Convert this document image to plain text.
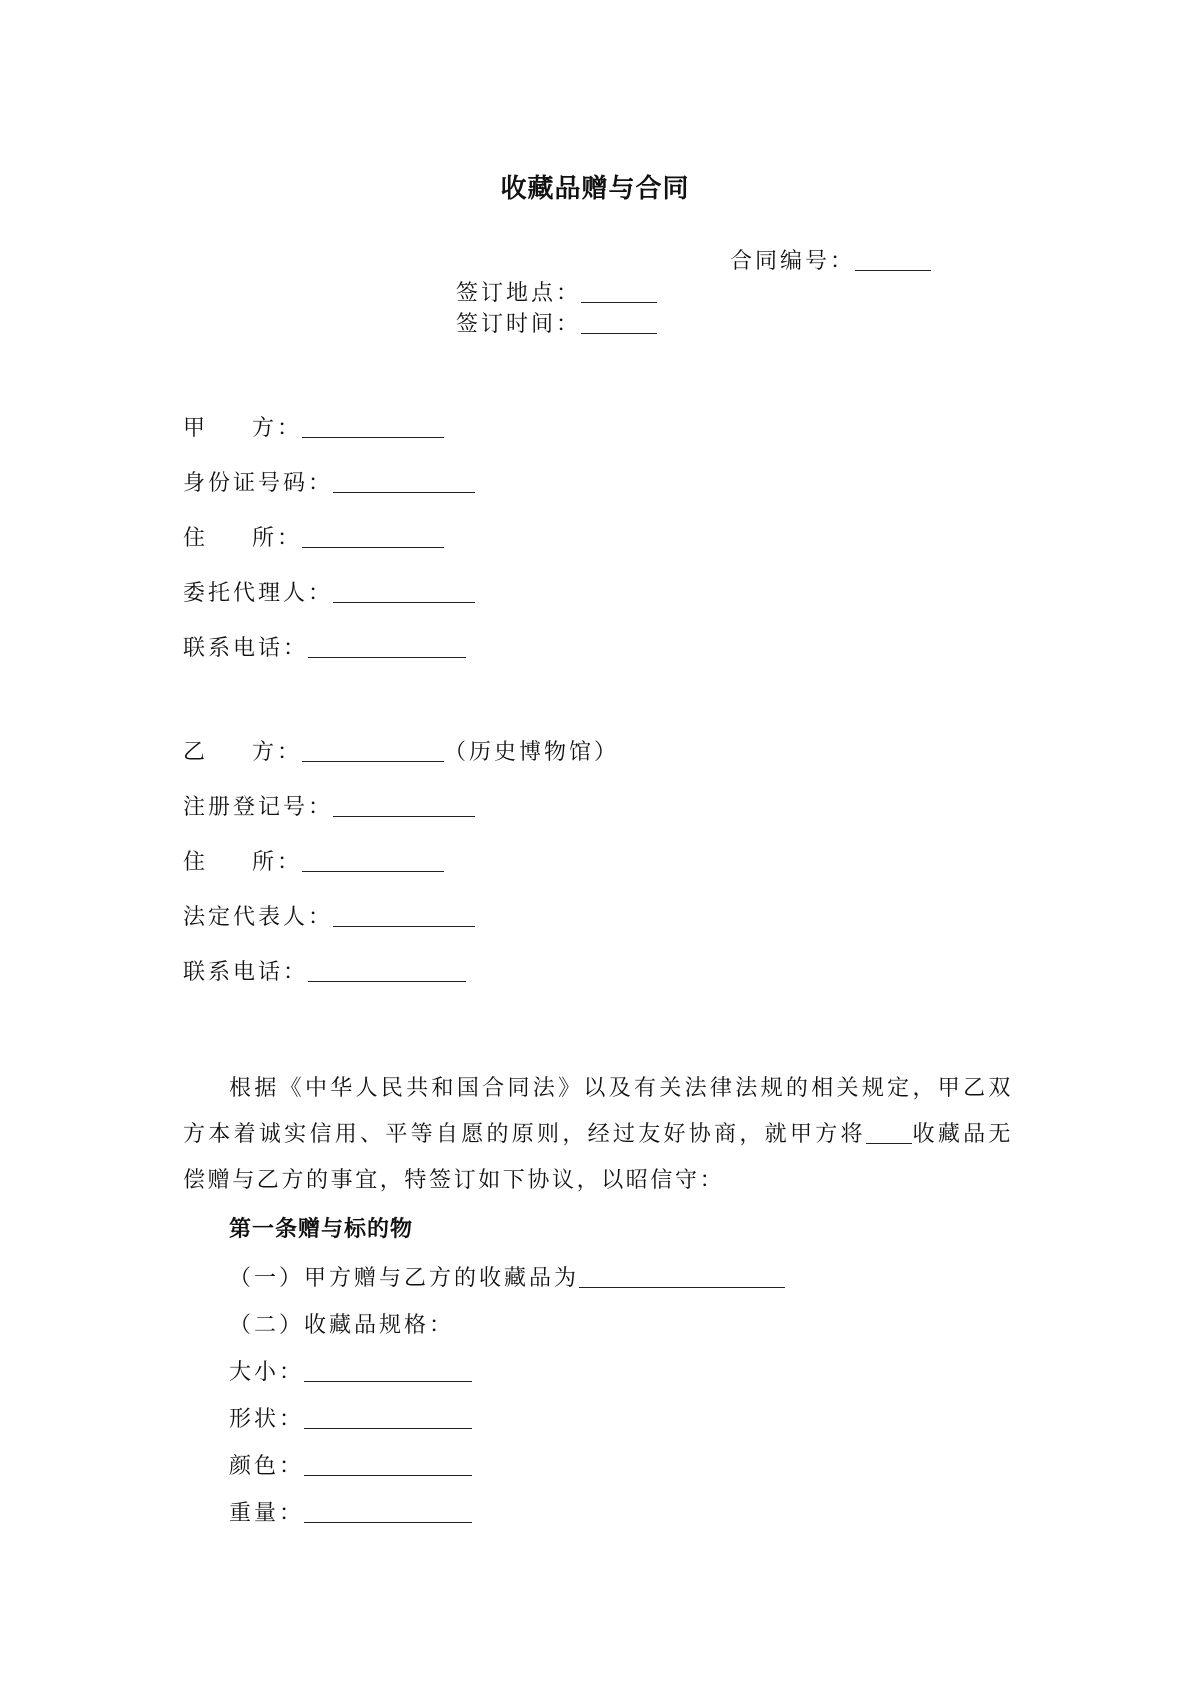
收藏品赠与合同
合同编号：
签订地点：
签订时间：
甲 方：
身份证号码：
住 所：
委托代理人：
联系电话：
乙 方：	（历史博物馆）
注册登记号：
住 所：
法定代表人：
联系电话：
根据《中华人民共和国合同法》以及有关法律法规的相关规定，甲乙双方本着诚实信用、平等自愿的原则，经过友好协商，就甲方将 收藏品无偿赠与乙方的事宜，特签订如下协议，以昭信守：
第一条赠与标的物
（一）甲方赠与乙方的收藏品为
（二）收藏品规格：
大小：
形状：
颜色：
重量：
